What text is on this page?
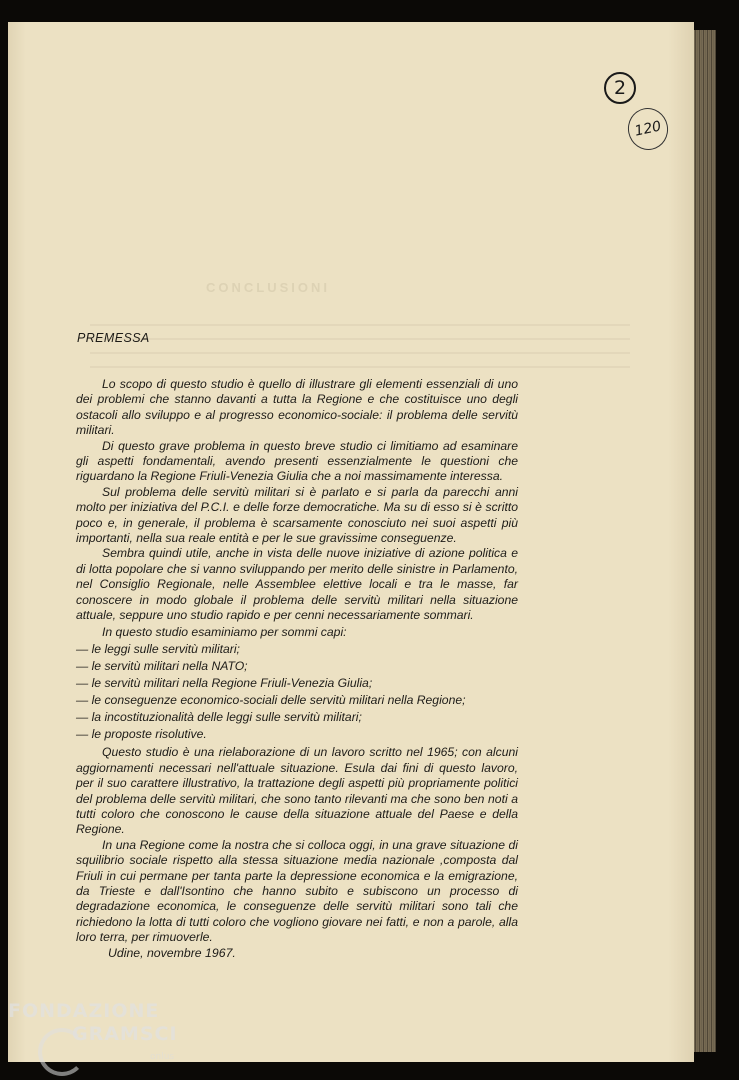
CONCLUSIONI
2
120
PREMESSA

Lo scopo di questo studio è quello di illustrare gli elementi essenziali di uno dei problemi che stanno davanti a tutta la Regione e che costituisce uno degli ostacoli allo sviluppo e al progresso economico-sociale: il problema delle servitù militari.

Di questo grave problema in questo breve studio ci limitiamo ad esaminare gli aspetti fondamentali, avendo presenti essenzialmente le questioni che riguardano la Regione Friuli-Venezia Giulia che a noi massimamente interessa.

Sul problema delle servitù militari si è parlato e si parla da parecchi anni molto per iniziativa del P.C.I. e delle forze democratiche. Ma su di esso si è scritto poco e, in generale, il problema è scarsamente conosciuto nei suoi aspetti più importanti, nella sua reale entità e per le sue gravissime conseguenze.

Sembra quindi utile, anche in vista delle nuove iniziative di azione politica e di lotta popolare che si vanno sviluppando per merito delle sinistre in Parlamento, nel Consiglio Regionale, nelle Assemblee elettive locali e tra le masse, far conoscere in modo globale il problema delle servitù militari nella situazione attuale, seppure uno studio rapido e per cenni necessariamente sommari.

In questo studio esaminiamo per sommi capi:

— le leggi sulle servitù militari;
— le servitù militari nella NATO;
— le servitù militari nella Regione Friuli-Venezia Giulia;
— le conseguenze economico-sociali delle servitù militari nella Regione;
— la incostituzionalità delle leggi sulle servitù militari;
— le proposte risolutive.

Questo studio è una rielaborazione di un lavoro scritto nel 1965; con alcuni aggiornamenti necessari nell'attuale situazione. Esula dai fini di questo lavoro, per il suo carattere illustrativo, la trattazione degli aspetti più propriamente politici del problema delle servitù militari, che sono tanto rilevanti ma che sono ben noti a tutti coloro che conoscono le cause della situazione attuale del Paese e della Regione.

In una Regione come la nostra che si colloca oggi, in una grave situazione di squilibrio sociale rispetto alla stessa situazione media nazionale ,composta dal Friuli in cui permane per tanta parte la depressione economica e la emigrazione, da Trieste e dall'Isontino che hanno subito e subiscono un processo di degradazione economica, le conseguenze delle servitù militari sono tali che richiedono la lotta di tutti coloro che vogliono giovare nei fatti, e non a parole, alla loro terra, per rimuoverle.

Udine, novembre 1967.
FONDAZIONE
GRAMSCI
onlus
